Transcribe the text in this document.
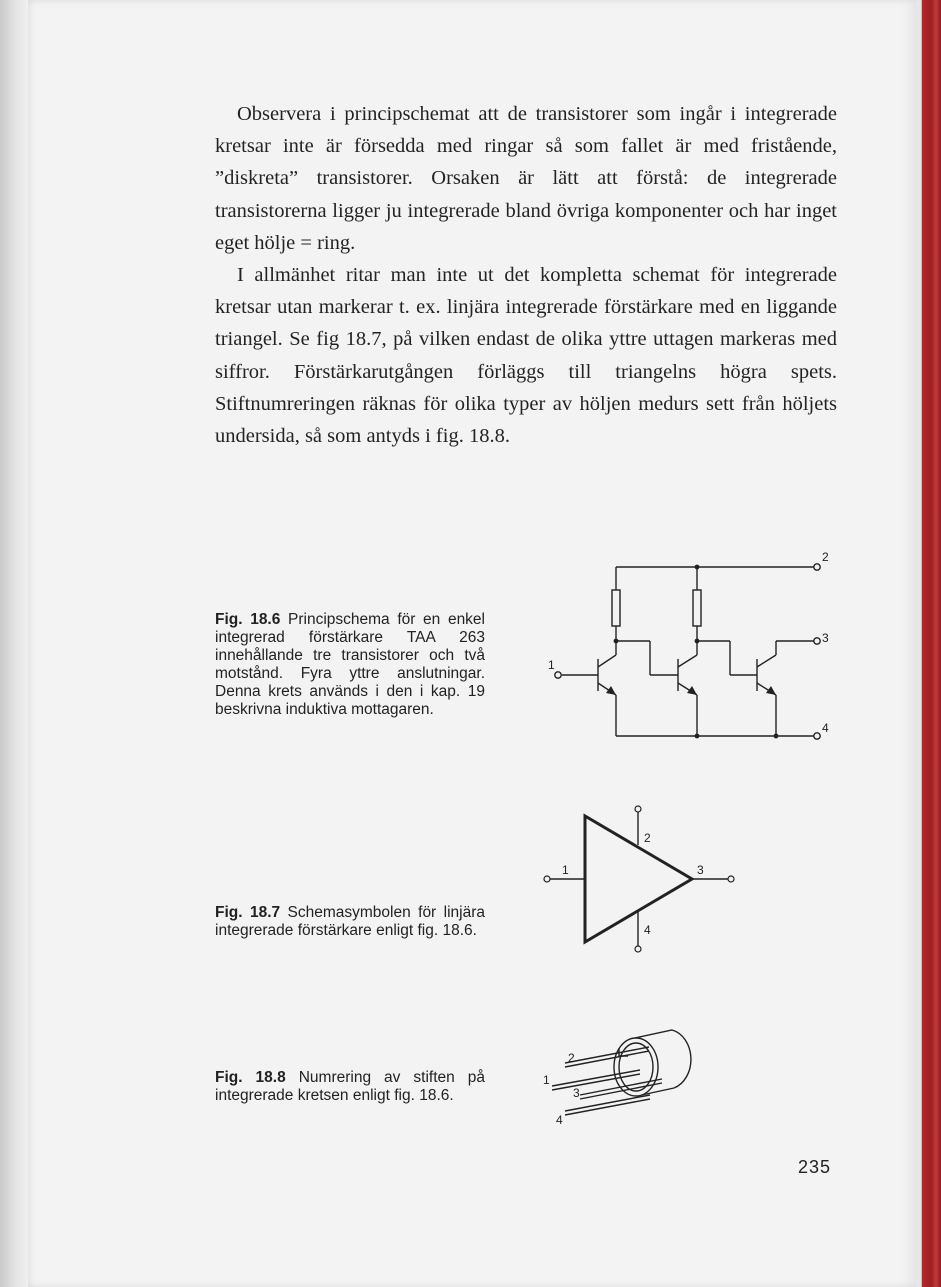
Observera i principschemat att de transistorer som ingår i integrerade kretsar inte är försedda med ringar så som fallet är med fristående, ”diskreta” transistorer. Orsaken är lätt att förstå: de integrerade transistorerna ligger ju integrerade bland övriga komponenter och har inget eget hölje = ring.

I allmänhet ritar man inte ut det kompletta schemat för integrerade kretsar utan markerar t. ex. linjära integrerade förstärkare med en liggande triangel. Se fig 18.7, på vilken endast de olika yttre uttagen markeras med siffror. Förstärkarutgången förläggs till triangelns högra spets. Stiftnumreringen räknas för olika typer av höljen medurs sett från höljets undersida, så som antyds i fig. 18.8.

1
2
3
4

Fig. 18.6 Principschema för en enkel integrerad förstärkare TAA 263 innehållande tre transistorer och två motstånd. Fyra yttre anslutningar. Denna krets används i den i kap. 19 beskrivna induktiva mottagaren.

1
2
3
4

Fig. 18.7 Schemasymbolen för linjära integrerade förstärkare enligt fig. 18.6.

1
2
3
4

Fig. 18.8 Numrering av stiften på integrerade kretsen enligt fig. 18.6.

235
